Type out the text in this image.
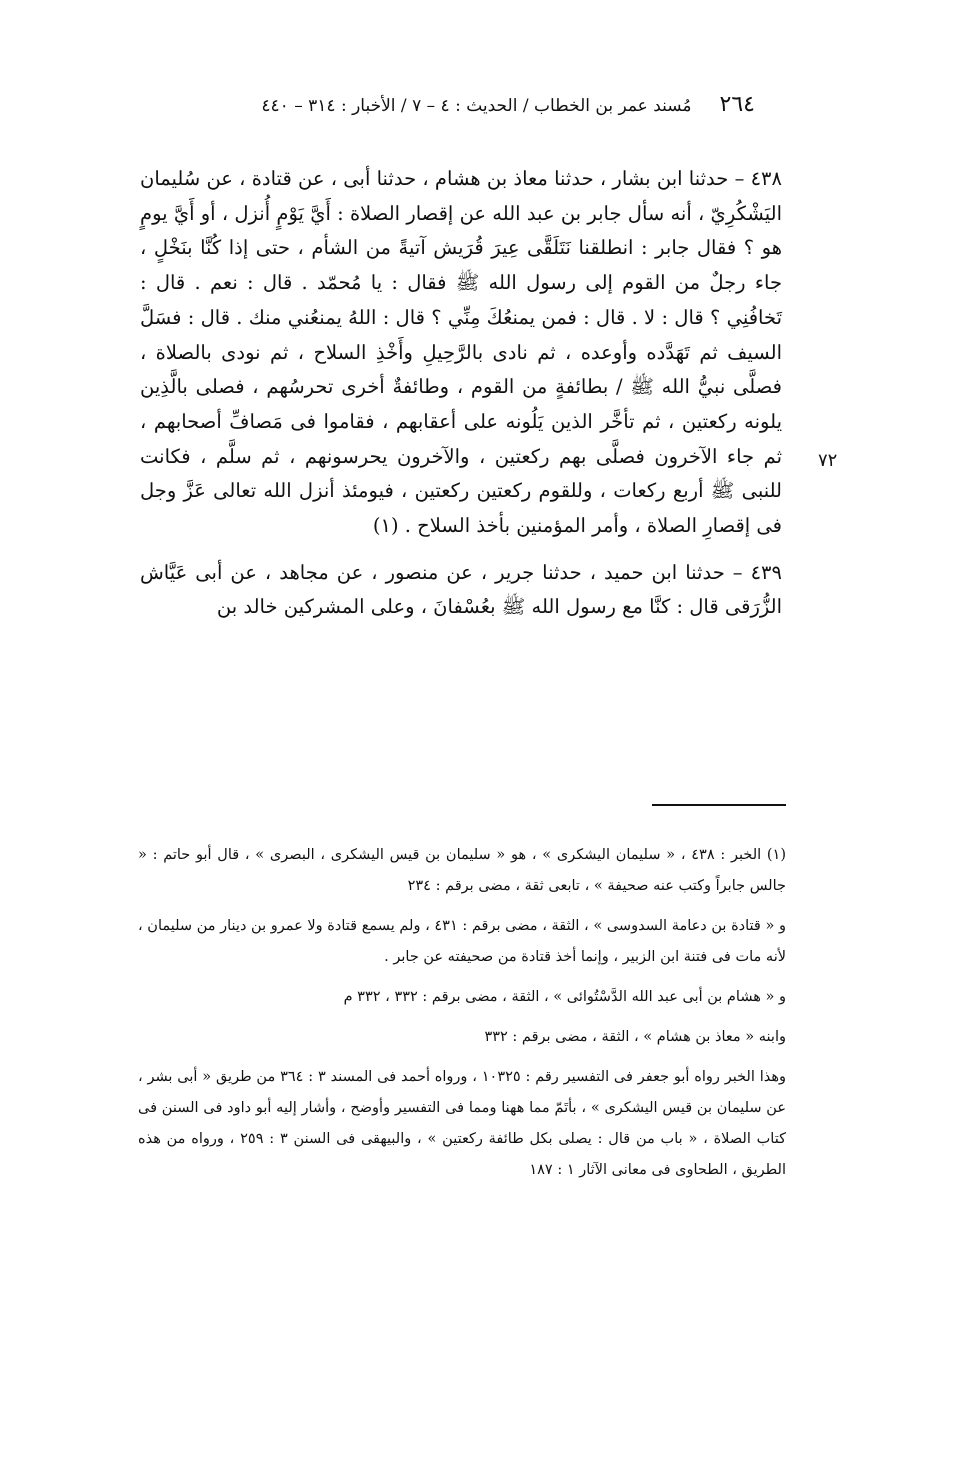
٢٦٤
مُسند عمر بن الخطاب / الحديث : ٤ – ٧ / الأخبار : ٣١٤ – ٤٤٠

٤٣٨ – حدثنا ابن بشار ، حدثنا معاذ بن هشام ، حدثنا أبى ، عن قتادة ، عن سُليمان اليَشْكُرِيّ ، أنه سأل جابر بن عبد الله عن إقصار الصلاة : أَيَّ يَوْمٍ أُنزل ، أو أَيَّ يومٍ هو ؟ فقال جابر : انطلقنا نَتَلَقَّى عِيرَ قُرَيش آتيةً من الشأم ، حتى إذا كُنَّا بنَخْلٍ ، جاء رجلٌ من القوم إلى رسول الله ﷺ فقال : يا مُحمّد . قال : نعم . قال : تَخافُنِي ؟ قال : لا . قال : فمن يمنعُكَ مِنِّي ؟ قال : اللهُ يمنعُني منك . قال : فسَلَّ السيف ثم تَهَدَّده وأوعده ، ثم نادى بالرَّحِيلِ وأَخْذِ السلاح ، ثم نودى بالصلاة ، فصلَّى نبيُّ الله ﷺ / بطائفةٍ من القوم ، وطائفةٌ أخرى تحرسُهم ، فصلى بالَّذِين يلونه ركعتين ، ثم تأخَّر الذين يَلُونه على أعقابهم ، فقاموا فى مَصافِّ أصحابهم ، ثم جاء الآخرون فصلَّى بهم ركعتين ، والآخرون يحرسونهم ، ثم سلَّم ، فكانت للنبى ﷺ أربع ركعات ، وللقوم ركعتين ركعتين ، فيومئذ أنزل الله تعالى عَزَّ وجل فى إقصارِ الصلاة ، وأمر المؤمنين بأخذ السلاح . (١)

٤٣٩ – حدثنا ابن حميد ، حدثنا جرير ، عن منصور ، عن مجاهد ، عن أبى عَيَّاش الزُّرَقى قال : كنَّا مع رسول الله ﷺ بعُسْفانَ ، وعلى المشركين خالد بن

٧٢

(١) الخبر : ٤٣٨ ، « سليمان اليشكرى » ، هو « سليمان بن قيس اليشكرى ، البصرى » ، قال أبو حاتم : « جالس جابراً وكتب عنه صحيفة » ، تابعى ثقة ، مضى برقم : ٢٣٤

و « قتادة بن دعامة السدوسى » ، الثقة ، مضى برقم : ٤٣١ ، ولم يسمع قتادة ولا عمرو بن دينار من سليمان ، لأنه مات فى فتنة ابن الزبير ، وإنما أخذ قتادة من صحيفته عن جابر .

و « هشام بن أبى عبد الله الدَّسْتُوائى » ، الثقة ، مضى برقم : ٣٣٢ ، ٣٣٢ م

وابنه « معاذ بن هشام » ، الثقة ، مضى برقم : ٣٣٢

وهذا الخبر رواه أبو جعفر فى التفسير رقم : ١٠٣٢٥ ، ورواه أحمد فى المسند ٣ : ٣٦٤ من طريق « أبى بشر ، عن سليمان بن قيس اليشكرى » ، بأتَمّ مما ههنا ومما فى التفسير وأوضح ، وأشار إليه أبو داود فى السنن فى كتاب الصلاة ، « باب من قال : يصلى بكل طائفة ركعتين » ، والبيهقى فى السنن ٣ : ٢٥٩ ، ورواه من هذه الطريق ، الطحاوى فى معانى الآثار ١ : ١٨٧
